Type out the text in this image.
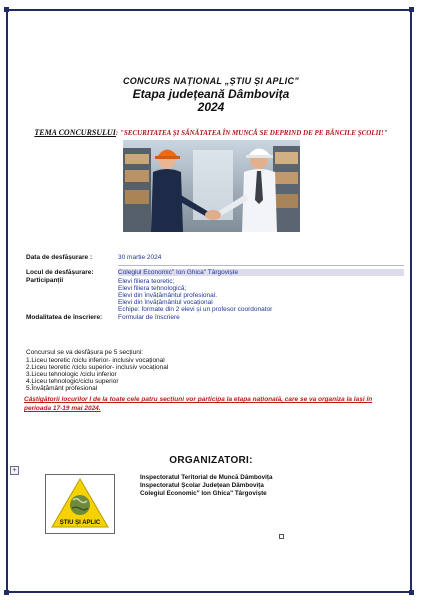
CONCURS NAȚIONAL „ȘTIU ȘI APLIC”
Etapa județeană Dâmbovița
2024
TEMA CONCURSULUI: "SECURITATEA ȘI SĂNĂTATEA ÎN MUNCĂ SE DEPRIND DE PE BĂNCILE ȘCOLII!"
Data de desfășurare :	30 martie 2024
Locul de desfășurare:	Colegiul Economic" Ion Ghica" Târgoviște
Participanții	Elevi filiera teoretic;
Elevi filiera tehnologică;
Elevi din învățământul profesional.
Elevi din învățământul vocațional
Echipe: formate din 2 elevi și un profesor coordonator
Modalitatea de înscriere: Formular de înscriere
Concursul se va desfășura pe 5 secțiuni:
1.Liceu teoretic /ciclu inferior- inclusiv vocațional
2.Liceu teoretic /ciclu superior- inclusiv vocațional
3.Liceu tehnologic /ciclu inferior
4.Liceu tehnologic/ciclu superior
5.Învățământ profesional
Câștigătorii locurilor I de la toate cele patru secțiuni vor participa la etapa națională, care se va organiza la Iași în perioada 17-19 mai 2024.
ORGANIZATORI:
+
ȘTIU ȘI APLIC
Inspectoratul Teritorial de Muncă Dâmbovița
Inspectoratul Școlar Județean Dâmbovița
Colegiul Economic" Ion Ghica" Târgoviște
